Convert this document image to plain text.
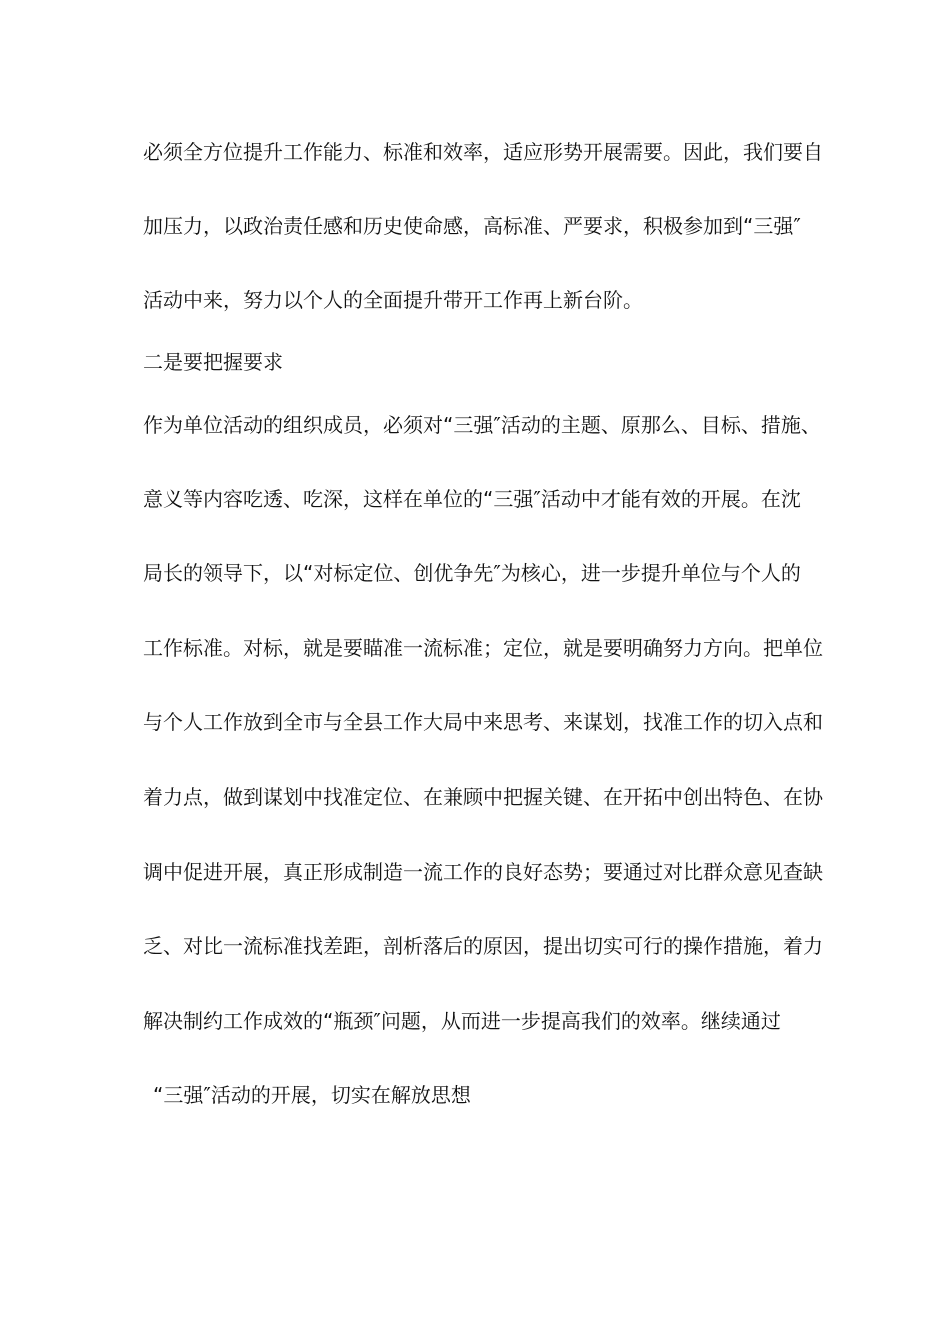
必须全方位提升工作能力、标准和效率，适应形势开展需要。因此，我们要自
加压力，以政治责任感和历史使命感，高标准、严要求，积极参加到“三强″
活动中来，努力以个人的全面提升带开工作再上新台阶。
二是要把握要求
作为单位活动的组织成员，必须对“三强″活动的主题、原那么、目标、措施、
意义等内容吃透、吃深，这样在单位的“三强″活动中才能有效的开展。在沈
局长的领导下，以“对标定位、创优争先″为核心，进一步提升单位与个人的
工作标准。对标，就是要瞄准一流标准；定位，就是要明确努力方向。把单位
与个人工作放到全市与全县工作大局中来思考、来谋划，找准工作的切入点和
着力点，做到谋划中找准定位、在兼顾中把握关键、在开拓中创出特色、在协
调中促进开展，真正形成制造一流工作的良好态势；要通过对比群众意见查缺
乏、对比一流标准找差距，剖析落后的原因，提出切实可行的操作措施，着力
解决制约工作成效的“瓶颈″问题，从而进一步提高我们的效率。继续通过
“三强″活动的开展，切实在解放思想
